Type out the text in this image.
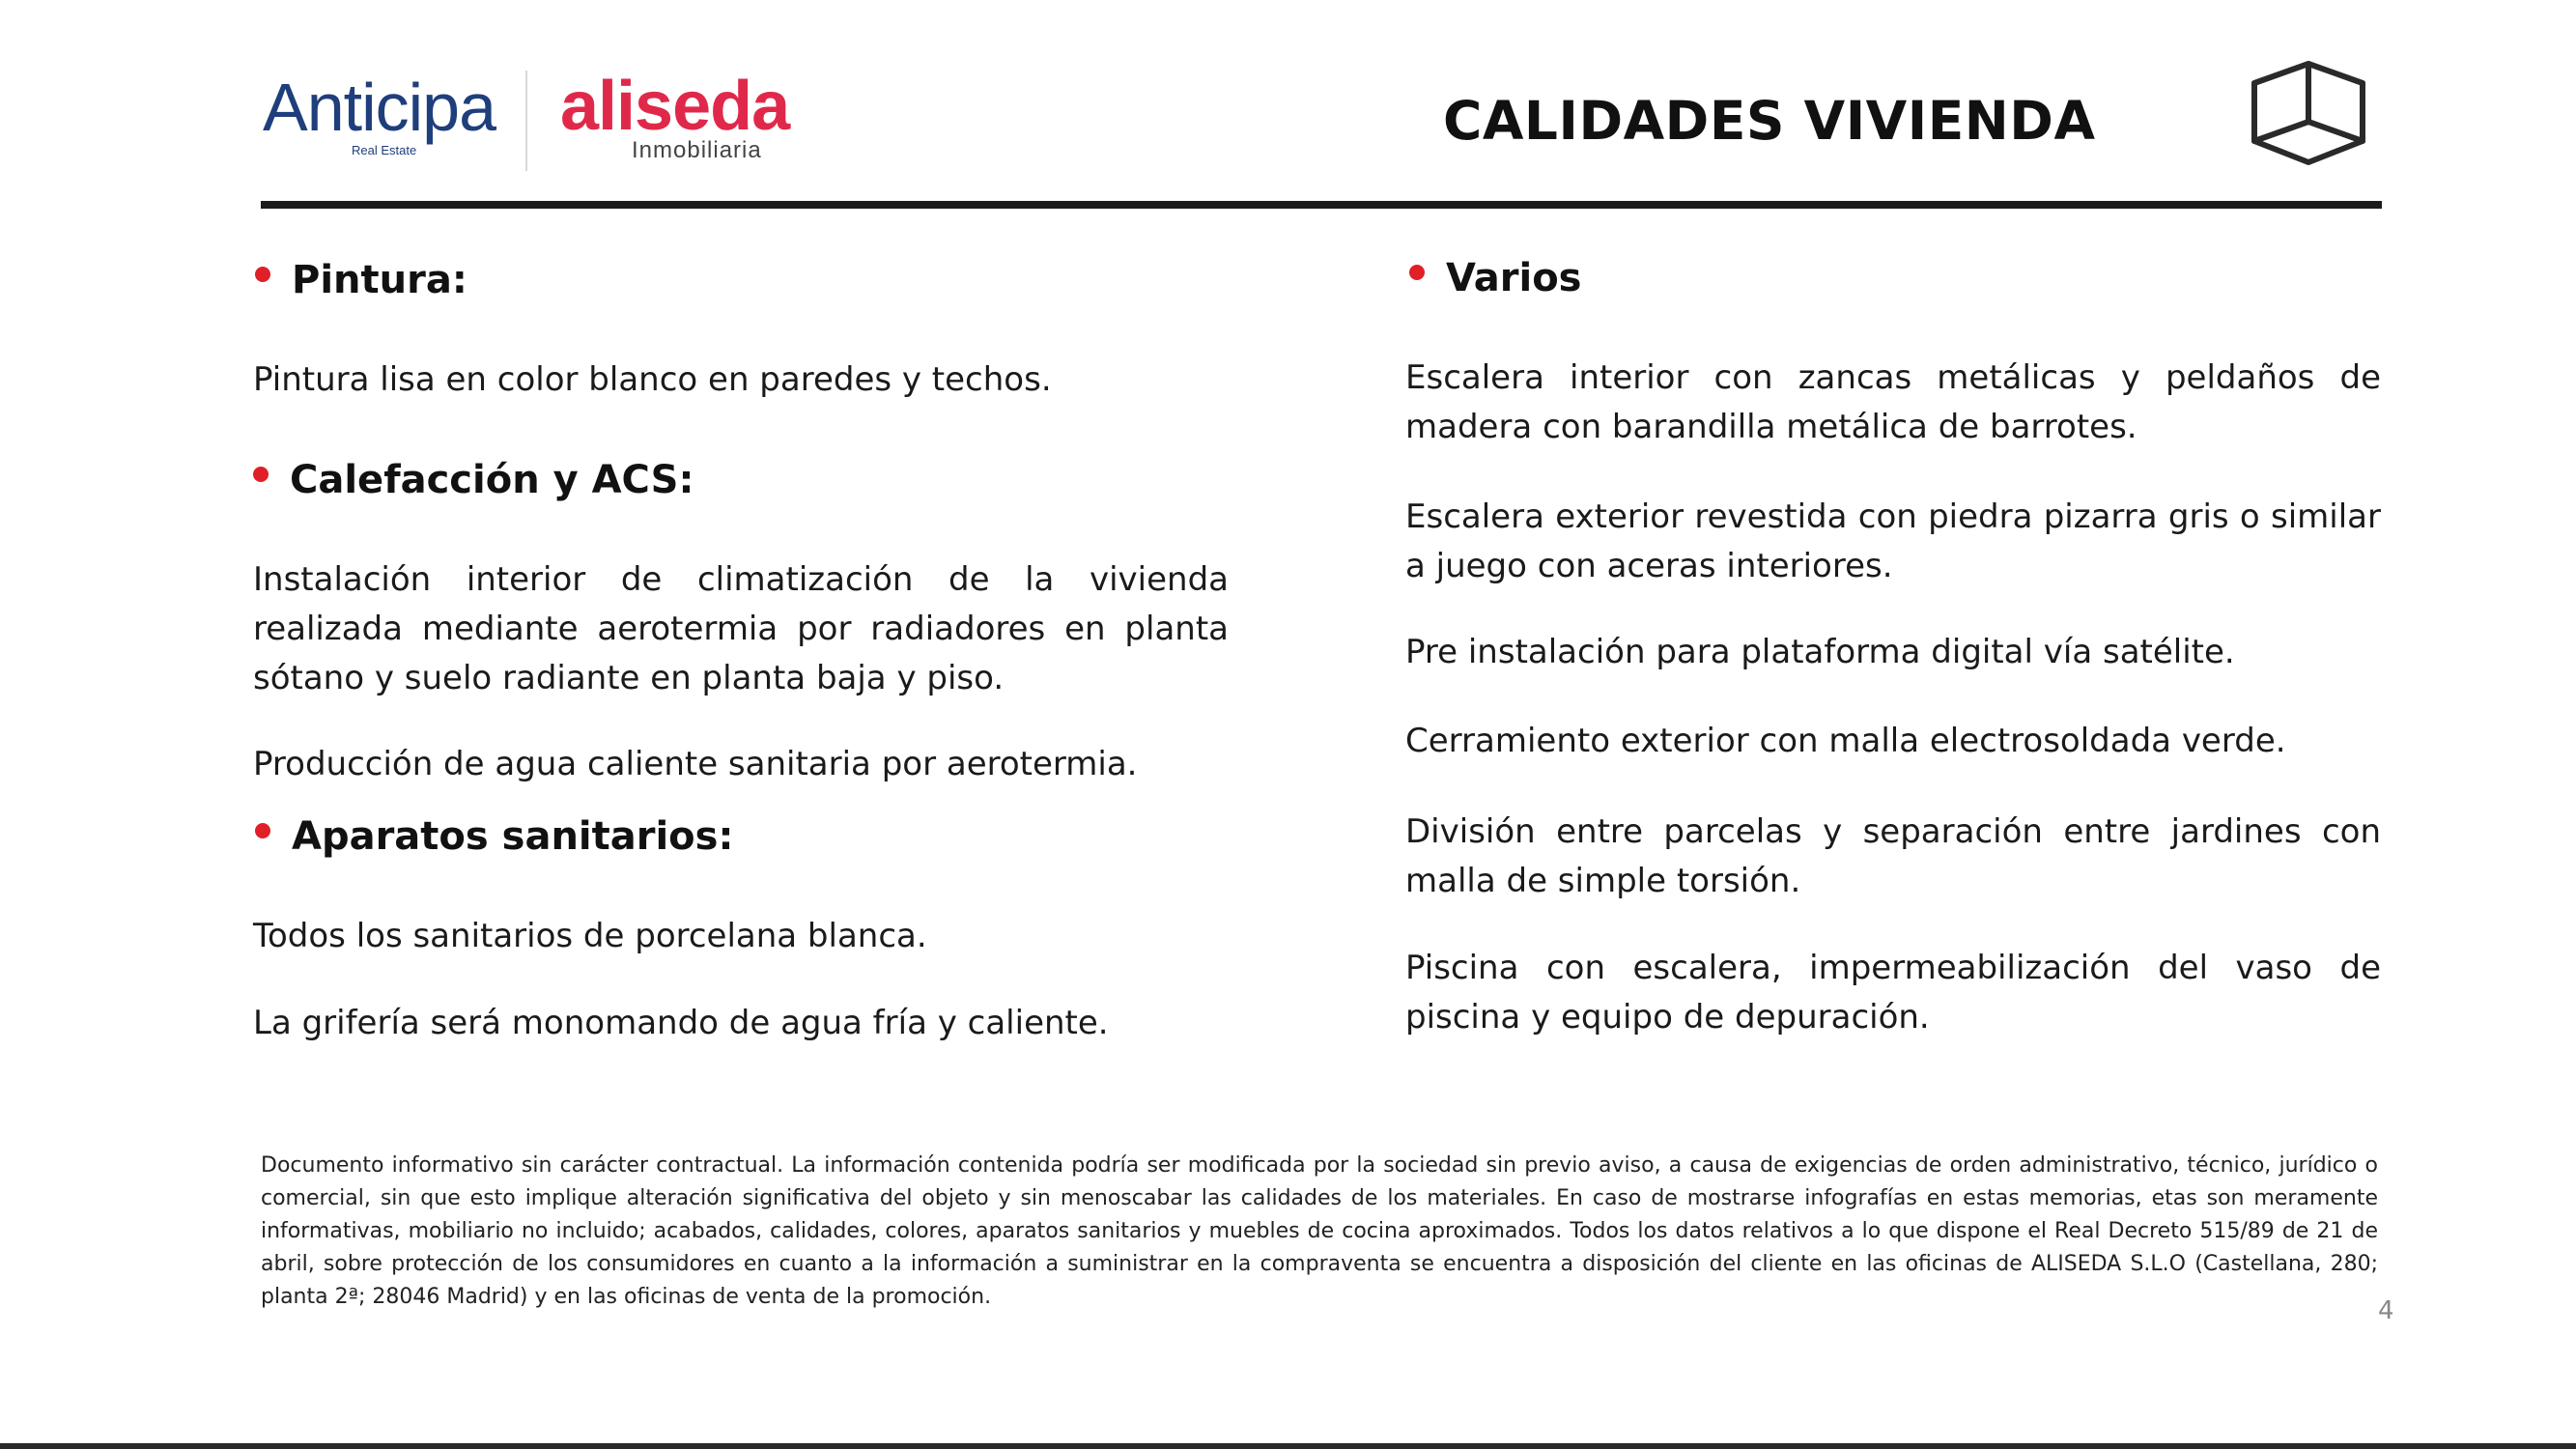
Anticipa
Real Estate
aliseda
Inmobiliaria	CALIDADES VIVIENDA
Pintura:

Pintura lisa en color blanco en paredes y techos.

Calefacción y ACS:

Instalación interior de climatización de la vivienda realizada mediante aerotermia por radiadores en planta sótano y suelo radiante en planta baja y piso.

Producción de agua caliente sanitaria por aerotermia.

Aparatos sanitarios:

Todos los sanitarios de porcelana blanca.

La grifería será monomando de agua fría y caliente.

Varios

Escalera interior con zancas metálicas y peldaños de madera con barandilla metálica de barrotes.

Escalera exterior revestida con piedra pizarra gris o similar a juego con aceras interiores.

Pre instalación para plataforma digital vía satélite.

Cerramiento exterior con malla electrosoldada verde.

División entre parcelas y separación entre jardines con malla de simple torsión.

Piscina con escalera, impermeabilización del vaso de piscina y equipo de depuración.

Documento informativo sin carácter contractual. La información contenida podría ser modificada por la sociedad sin previo aviso, a causa de exigencias de orden administrativo, técnico, jurídico o comercial, sin que esto implique alteración significativa del objeto y sin menoscabar las calidades de los materiales. En caso de mostrarse infografías en estas memorias, etas son meramente informativas, mobiliario no incluido; acabados, calidades, colores, aparatos sanitarios y muebles de cocina aproximados. Todos los datos relativos a lo que dispone el Real Decreto 515/89 de 21 de abril, sobre protección de los consumidores en cuanto a la información a suministrar en la compraventa se encuentra a disposición del cliente en las oficinas de ALISEDA S.L.O (Castellana, 280; planta 2ª; 28046 Madrid) y en las oficinas de venta de la promoción.	4
